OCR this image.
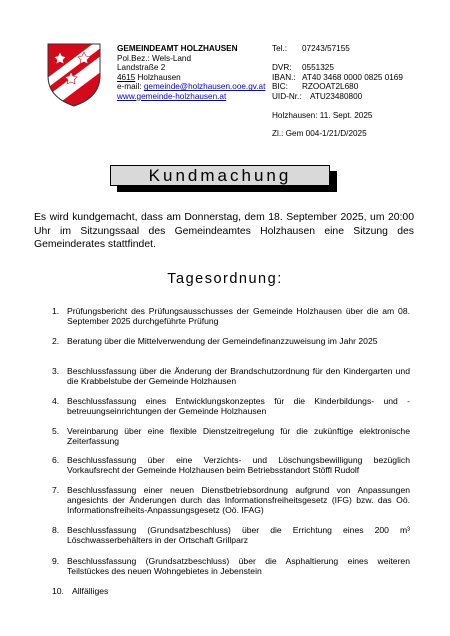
GEMEINDEAMT HOLZHAUSEN
Pol.Bez.: Wels-Land
Landstraße 2
4615 Holzhausen
e-mail: gemeinde@holzhausen.ooe.gv.at
www.gemeinde-holzhausen.at
Tel.: 07243/57155
DVR: 0551325
IBAN.: AT40 3468 0000 0825 0169
BIC: RZOOAT2L680
UID-Nr.: ATU23480800
Holzhausen: 11. Sept. 2025
Zl.: Gem 004-1/21/D/2025
Kundmachung
Es wird kundgemacht, dass am Donnerstag, dem 18. September 2025, um 20:00 Uhr im Sitzungssaal des Gemeindeamtes Holzhausen eine Sitzung des Gemeinderates stattfindet.
Tagesordnung:
1. Prüfungsbericht des Prüfungsausschusses der Gemeinde Holzhausen über die am 08. September 2025 durchgeführte Prüfung
2. Beratung über die Mittelverwendung der Gemeindefinanzzuweisung im Jahr 2025
3. Beschlussfassung über die Änderung der Brandschutzordnung für den Kindergarten und die Krabbelstube der Gemeinde Holzhausen
4. Beschlussfassung eines Entwicklungskonzeptes für die Kinderbildungs- und -betreuungseinrichtungen der Gemeinde Holzhausen
5. Vereinbarung über eine flexible Dienstzeitregelung für die zukünftige elektronische Zeiterfassung
6. Beschlussfassung über eine Verzichts- und Löschungsbewilligung bezüglich Vorkaufsrecht der Gemeinde Holzhausen beim Betriebsstandort Stöffl Rudolf
7. Beschlussfassung einer neuen Dienstbetriebsordnung aufgrund von Anpassungen angesichts der Änderungen durch das Informationsfreiheitsgesetz (IFG) bzw. das Oö. Informationsfreiheits-Anpassungsgesetz (Oö. IFAG)
8. Beschlussfassung (Grundsatzbeschluss) über die Errichtung eines 200 m³ Löschwasserbehälters in der Ortschaft Grillparz
9. Beschlussfassung (Grundsatzbeschluss) über die Asphaltierung eines weiteren Teilstückes des neuen Wohngebietes in Jebenstein
10. Allfälliges
